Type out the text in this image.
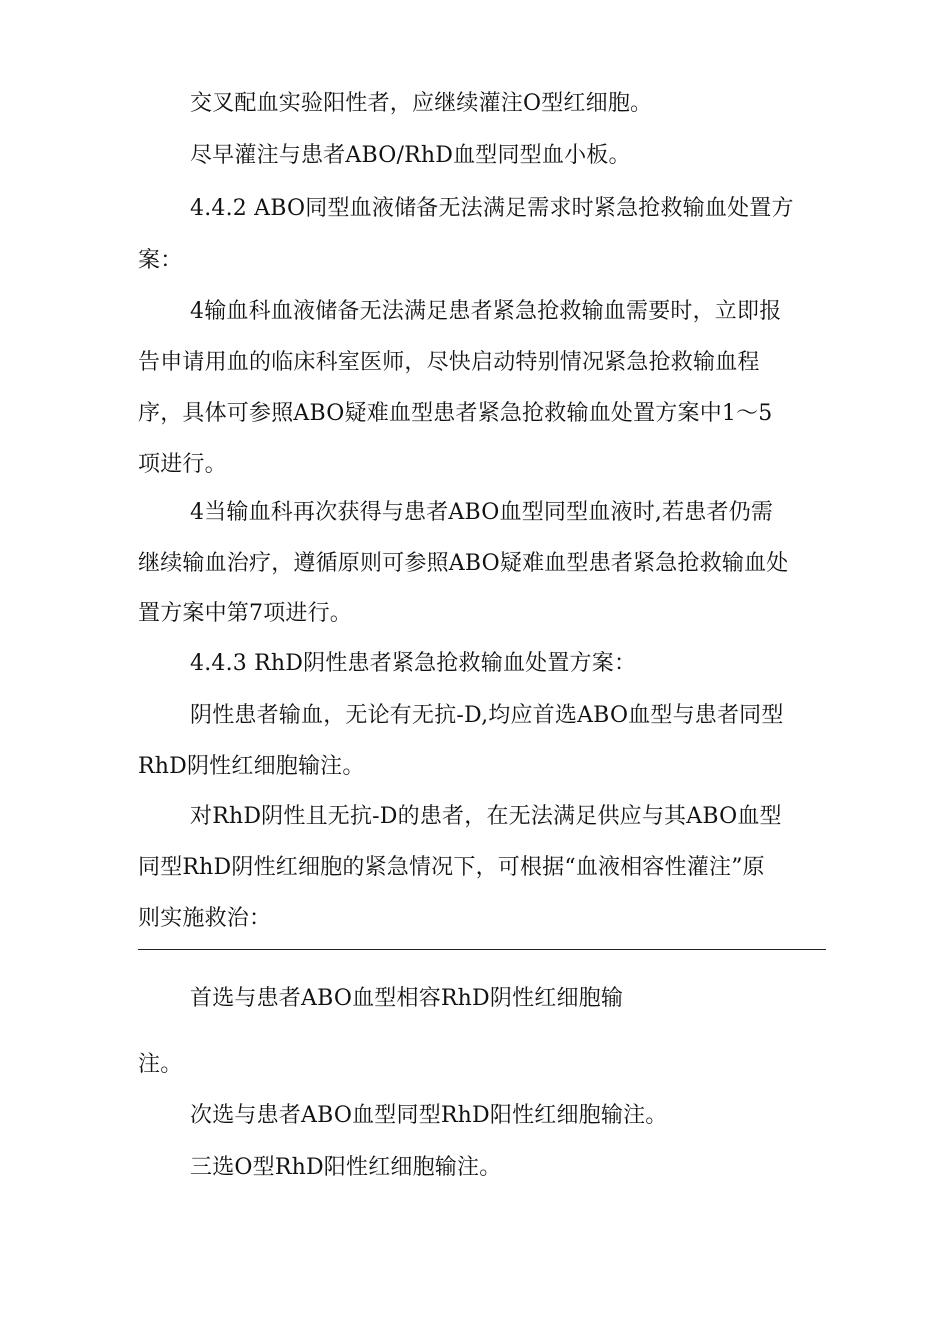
交叉配血实验阳性者，应继续灌注O型红细胞。
尽早灌注与患者ABO/RhD血型同型血小板。
4.4.2 ABO同型血液储备无法满足需求时紧急抢救输血处置方
案：
4输血科血液储备无法满足患者紧急抢救输血需要时，立即报
告申请用血的临床科室医师，尽快启动特别情况紧急抢救输血程
序，具体可参照ABO疑难血型患者紧急抢救输血处置方案中1〜5
项进行。
4当输血科再次获得与患者ABO血型同型血液时,若患者仍需
继续输血治疗，遵循原则可参照ABO疑难血型患者紧急抢救输血处
置方案中第7项进行。
4.4.3 RhD阴性患者紧急抢救输血处置方案：
阴性患者输血，无论有无抗-D,均应首选ABO血型与患者同型
RhD阴性红细胞输注。
对RhD阴性且无抗-D的患者，在无法满足供应与其ABO血型
同型RhD阴性红细胞的紧急情况下，可根据“血液相容性灌注”原
则实施救治：
首选与患者ABO血型相容RhD阴性红细胞输
注。
次选与患者ABO血型同型RhD阳性红细胞输注。
三选O型RhD阳性红细胞输注。
